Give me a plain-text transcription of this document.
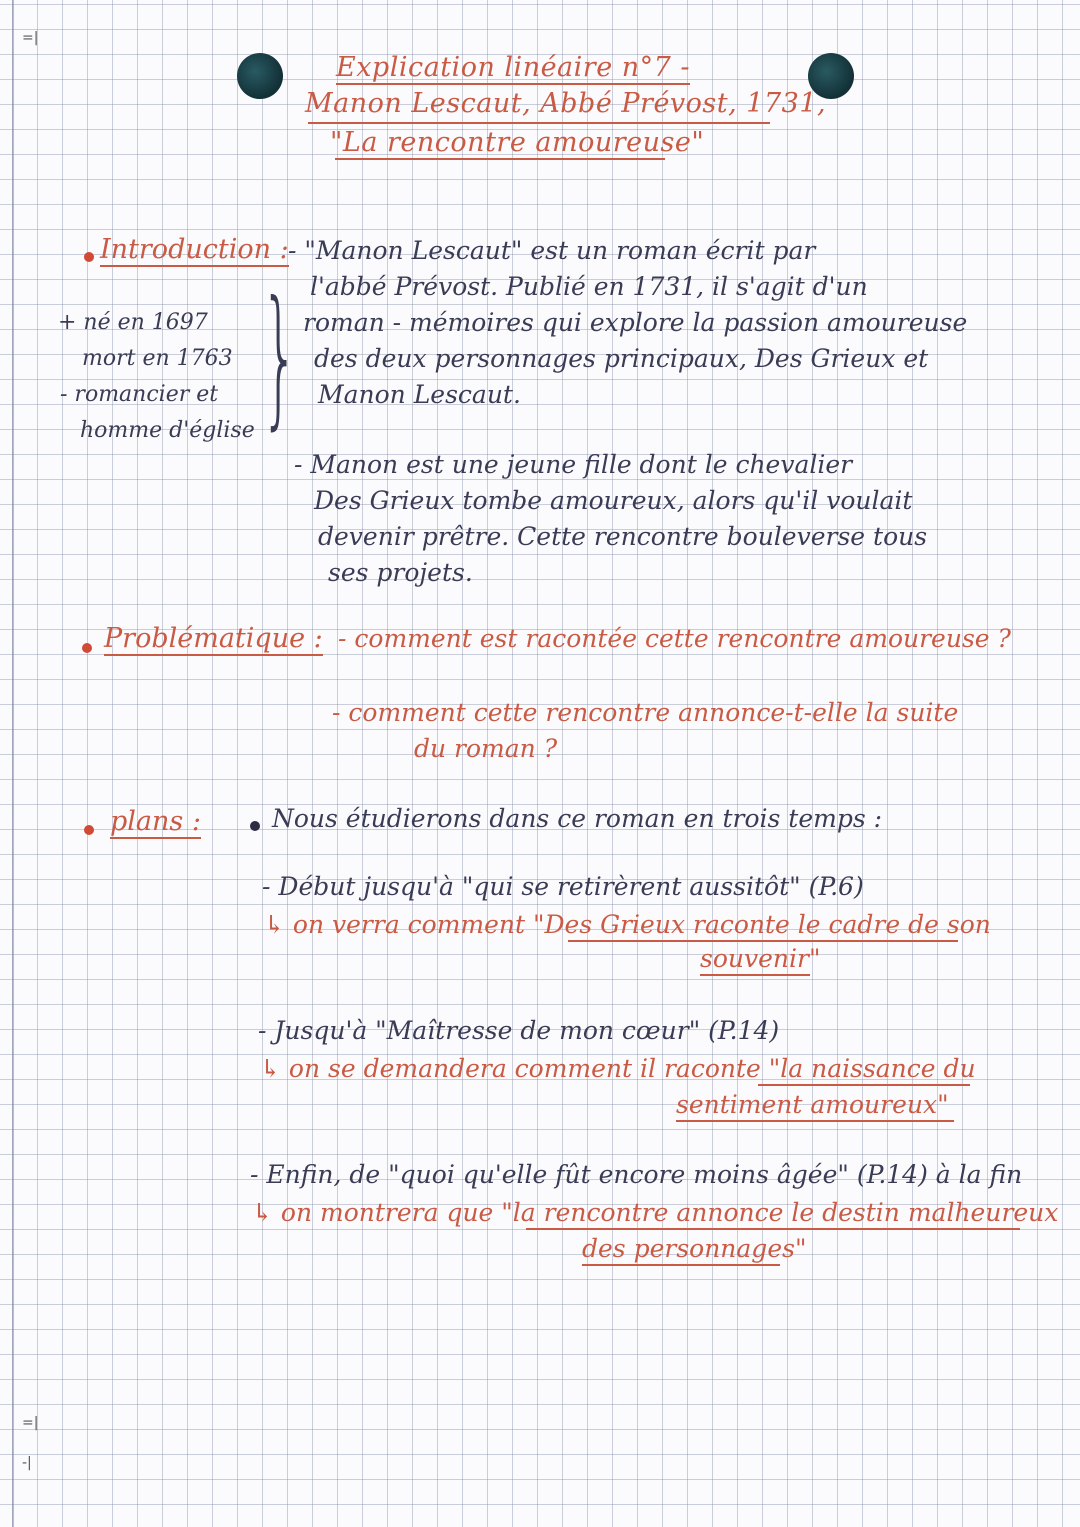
=|
=|
-|
Explication linéaire n°7 -
Manon Lescaut, Abbé Prévost, 1731,
"La rencontre amoureuse"
Introduction : - "Manon Lescaut" est un roman écrit par
l'abbé Prévost. Publié en 1731, il s'agit d'un
roman - mémoires qui explore la passion amoureuse
des deux personnages principaux, Des Grieux et
Manon Lescaut.
+ né en 1697
mort en 1763
- romancier et
homme d'église }
- Manon est une jeune fille dont le chevalier
Des Grieux tombe amoureux, alors qu'il voulait
devenir prêtre. Cette rencontre bouleverse tous
ses projets.
Problématique : - comment est racontée cette rencontre amoureuse ?
- comment cette rencontre annonce-t-elle la suite
du roman ?
plans :	Nous étudierons dans ce roman en trois temps :
- Début jusqu'à "qui se retirèrent aussitôt" (P.6)
↳ on verra comment "Des Grieux raconte le cadre de son
souvenir"
- Jusqu'à "Maîtresse de mon cœur" (P.14)
↳ on se demandera comment il raconte "la naissance du
sentiment amoureux"
- Enfin, de "quoi qu'elle fût encore moins âgée" (P.14) à la fin
↳ on montrera que "la rencontre annonce le destin malheureux
des personnages"
